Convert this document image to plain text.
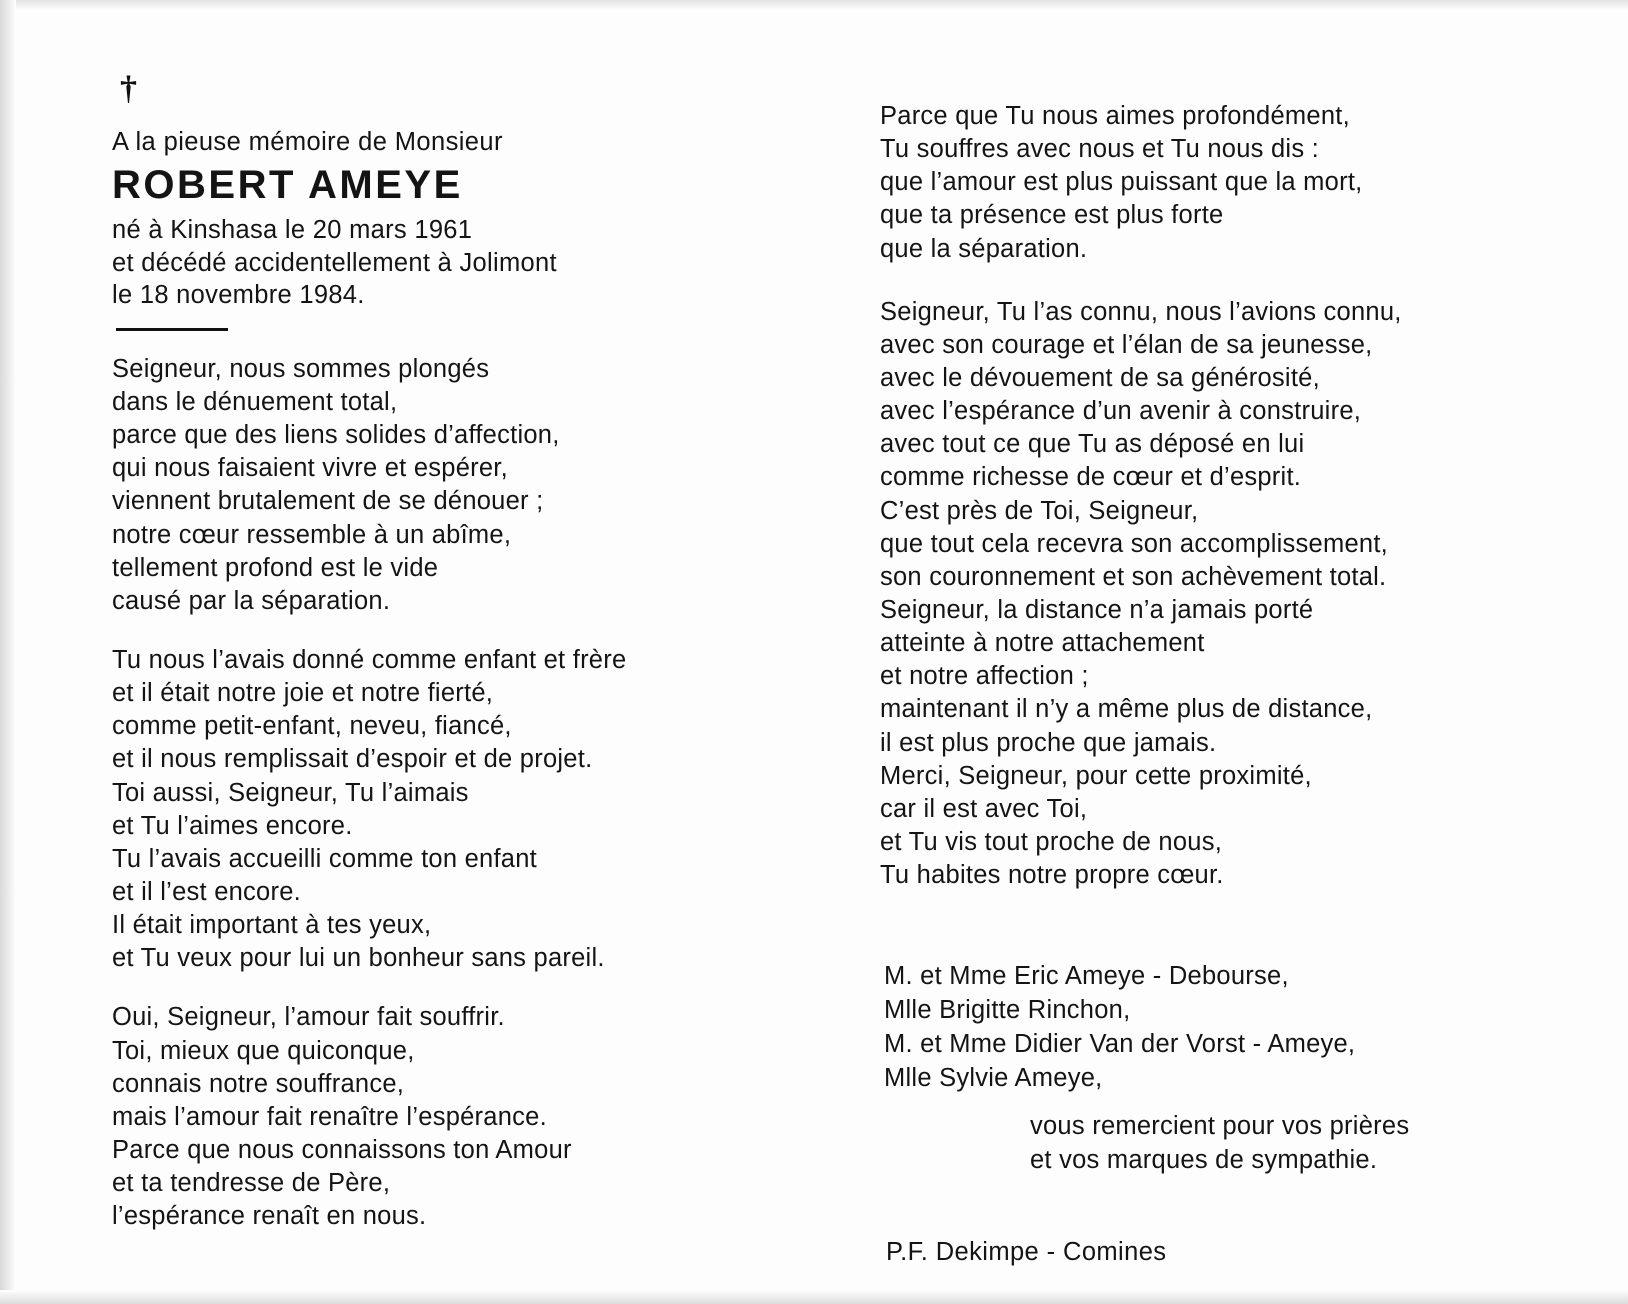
†
A la pieuse mémoire de Monsieur
ROBERT AMEYE
né à Kinshasa le 20 mars 1961
et décédé accidentellement à Jolimont
le 18 novembre 1984.
Seigneur, nous sommes plongés
dans le dénuement total,
parce que des liens solides d’affection,
qui nous faisaient vivre et espérer,
viennent brutalement de se dénouer ;
notre cœur ressemble à un abîme,
tellement profond est le vide
causé par la séparation.
Tu nous l’avais donné comme enfant et frère
et il était notre joie et notre fierté,
comme petit-enfant, neveu, fiancé,
et il nous remplissait d’espoir et de projet.
Toi aussi, Seigneur, Tu l’aimais
et Tu l’aimes encore.
Tu l’avais accueilli comme ton enfant
et il l’est encore.
Il était important à tes yeux,
et Tu veux pour lui un bonheur sans pareil.
Oui, Seigneur, l’amour fait souffrir.
Toi, mieux que quiconque,
connais notre souffrance,
mais l’amour fait renaître l’espérance.
Parce que nous connaissons ton Amour
et ta tendresse de Père,
l’espérance renaît en nous.
Parce que Tu nous aimes profondément,
Tu souffres avec nous et Tu nous dis :
que l’amour est plus puissant que la mort,
que ta présence est plus forte
que la séparation.
Seigneur, Tu l’as connu, nous l’avions connu,
avec son courage et l’élan de sa jeunesse,
avec le dévouement de sa générosité,
avec l’espérance d’un avenir à construire,
avec tout ce que Tu as déposé en lui
comme richesse de cœur et d’esprit.
C’est près de Toi, Seigneur,
que tout cela recevra son accomplissement,
son couronnement et son achèvement total.
Seigneur, la distance n’a jamais porté
atteinte à notre attachement
et notre affection ;
maintenant il n’y a même plus de distance,
il est plus proche que jamais.
Merci, Seigneur, pour cette proximité,
car il est avec Toi,
et Tu vis tout proche de nous,
Tu habites notre propre cœur.
M. et Mme Eric Ameye - Debourse,
Mlle Brigitte Rinchon,
M. et Mme Didier Van der Vorst - Ameye,
Mlle Sylvie Ameye,
vous remercient pour vos prières
et vos marques de sympathie.
P.F. Dekimpe - Comines
